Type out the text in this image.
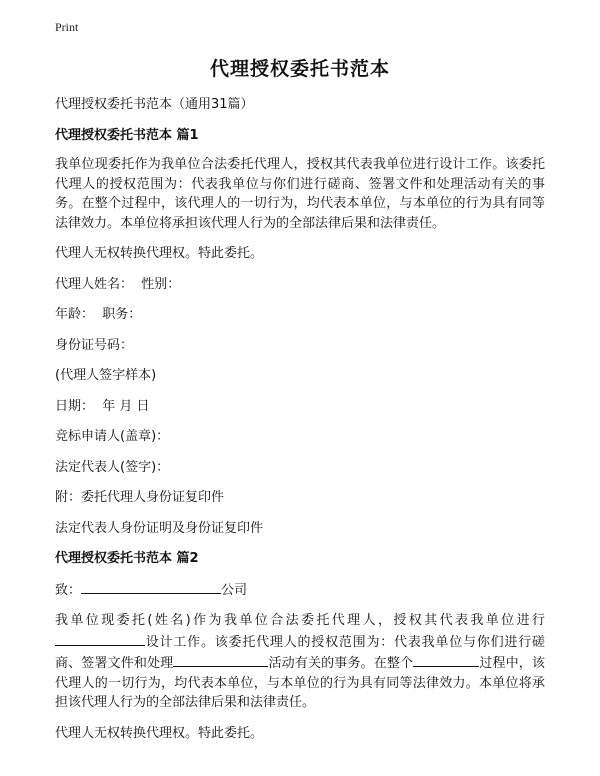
Print
代理授权委托书范本
代理授权委托书范本（通用31篇）
代理授权委托书范本 篇1
我单位现委托作为我单位合法委托代理人，授权其代表我单位进行设计工作。该委托代理人的授权范围为：代表我单位与你们进行磋商、签署文件和处理活动有关的事务。在整个过程中，该代理人的一切行为，均代表本单位，与本单位的行为具有同等法律效力。本单位将承担该代理人行为的全部法律后果和法律责任。
代理人无权转换代理权。特此委托。
代理人姓名：  性别：
年龄：  职务：
身份证号码：
(代理人签字样本)
日期：  年 月 日
竞标申请人(盖章)：
法定代表人(签字)：
附：委托代理人身份证复印件
法定代表人身份证明及身份证复印件
代理授权委托书范本 篇2
致：	公司
我单位现委托(姓名)作为我单位合法委托代理人，授权其代表我单位进行设计工作。该委托代理人的授权范围为：代表我单位与你们进行磋商、签署文件和处理	活动有关的事务。在整个	过程中，该代理人的一切行为，均代表本单位，与本单位的行为具有同等法律效力。本单位将承担该代理人行为的全部法律后果和法律责任。
代理人无权转换代理权。特此委托。
